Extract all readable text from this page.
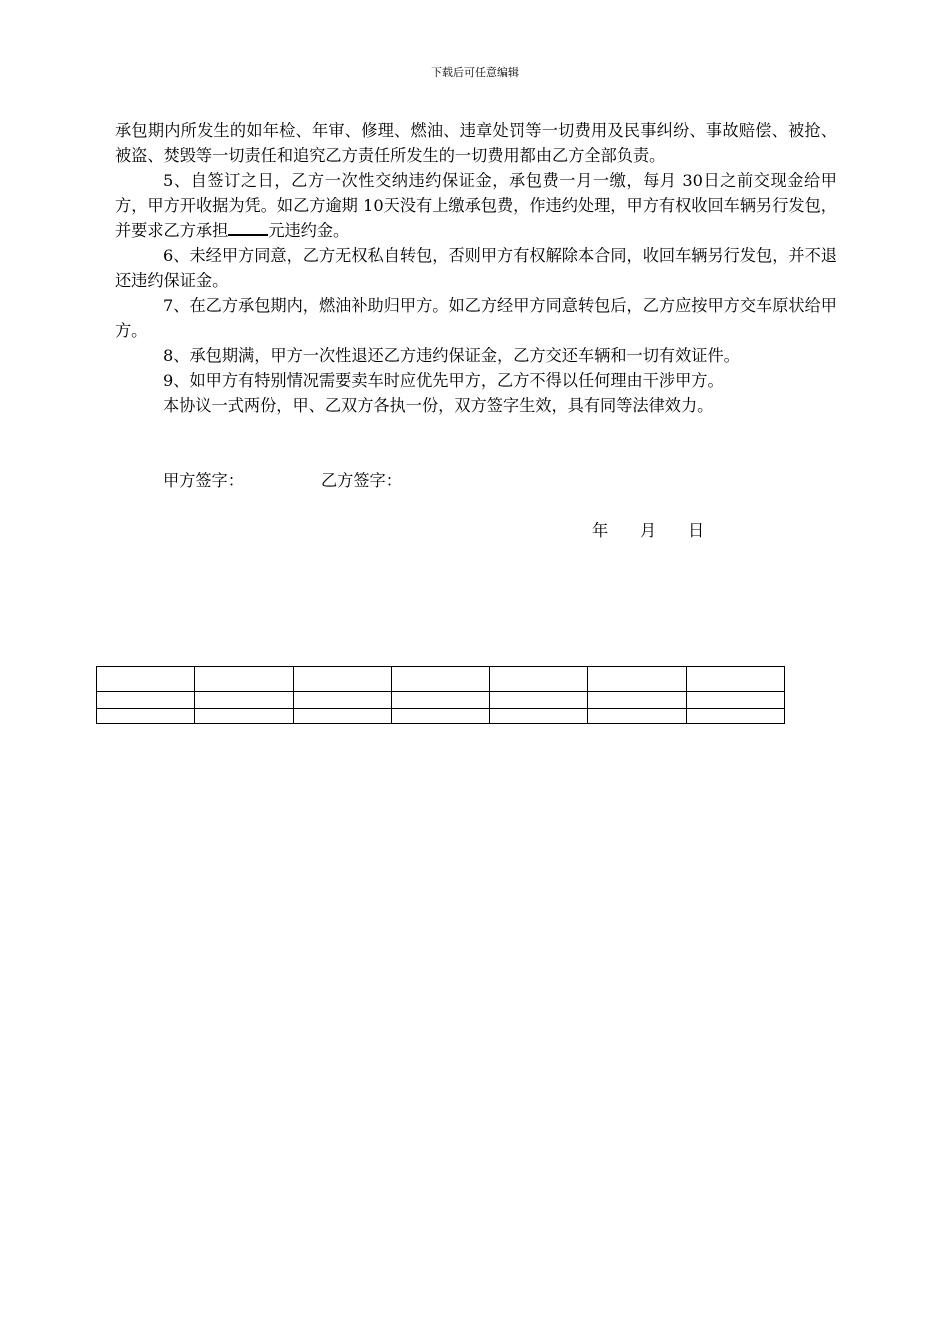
下载后可任意编辑

承包期内所发生的如年检、年审、修理、燃油、违章处罚等一切费用及民事纠纷、事故赔偿、被抢、被盗、焚毁等一切责任和追究乙方责任所发生的一切费用都由乙方全部负责。

5、自签订之日，乙方一次性交纳违约保证金，承包费一月一缴，每月 30日之前交现金给甲方，甲方开收据为凭。如乙方逾期 10天没有上缴承包费，作违约处理，甲方有权收回车辆另行发包，并要求乙方承担 元违约金。

6、未经甲方同意，乙方无权私自转包，否则甲方有权解除本合同，收回车辆另行发包，并不退还违约保证金。

7、在乙方承包期内，燃油补助归甲方。如乙方经甲方同意转包后，乙方应按甲方交车原状给甲方。

8、承包期满，甲方一次性退还乙方违约保证金，乙方交还车辆和一切有效证件。

9、如甲方有特别情况需要卖车时应优先甲方，乙方不得以任何理由干涉甲方。

本协议一式两份，甲、乙双方各执一份，双方签字生效，具有同等法律效力。

甲方签字：	乙方签字：
年 月 日
